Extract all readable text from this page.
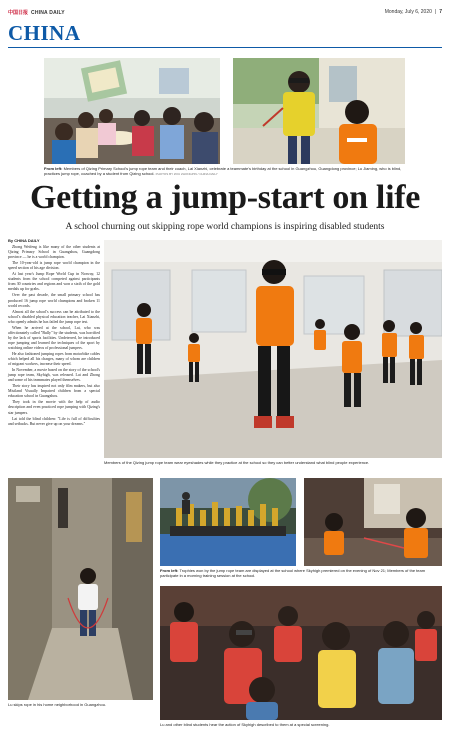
中国日报 CHINA DAILY	Monday, July 6, 2020 | 7
CHINA
From left: Members of Qizing Primary School's jump rope team and their coach, Lai Xianzhi, celebrate a teammate's birthday at the school in Guangzhou, Guangdong province; Lu Jiaming, who is blind, practices jump rope, coached by a student from Qizing school. PHOTOS BY ZOU ZHONGPIN / CHINA DAILY
Getting a jump-start on life
A school churning out skipping rope world champions is inspiring disabled students
By CHINA DAILY

Zhong Weifeng is like many of the other students at Qizing Primary School in Guangzhou, Guangdong province — he is a world champion.

The 10-year-old is jump rope world champion in the speed section of his age division.

At last year's Jump Rope World Cup in Norway, 12 students from the school competed against participants from 30 countries and regions and won a sixth of the gold medals up for grabs.

Over the past decade, the small primary school has produced 16 jump rope world champions and broken 11 world records.

Almost all the school's success can be attributed to the school's disabled physical education teacher, Lai Xianzhi, who openly admits he has failed the jump rope test.

When he arrived at the school, Lai, who was affectionately called "Bully" by the students, was horrified by the lack of sports facilities. Undeterred, he introduced rope jumping and learned the techniques of the sport by watching online videos of professional jumpers.

He also fashioned jumping ropes from motorbike cables which helped all his charges, many of whom are children of migrant workers, increase their speed.

In November, a movie based on the story of the school's jump rope team, Skyhigh, was released. Lai and Zhong and some of his teammates played themselves.

Their story has inspired not only film makers, but also Mistland Visually Impaired children from a special education school in Guangzhou.

They took in the movie with the help of audio description and even practiced rope jumping with Qizing's star jumpers.

Lai told the blind children: "Life is full of difficulties and setbacks. But never give up on your dreams."

Members of the Qizing jump rope team wear eyeshades while they practice at the school so they can better understand what blind people experience.
Lu skips rope in his home neighborhood in Guangzhou.
From left: Trophies won by the jump rope team are displayed at the school where Skyhigh premiered on the evening of Nov 21; Members of the team participate in a morning training session at the school.
Lu and other blind students hear the action of Skyhigh described to them at a special screening.
